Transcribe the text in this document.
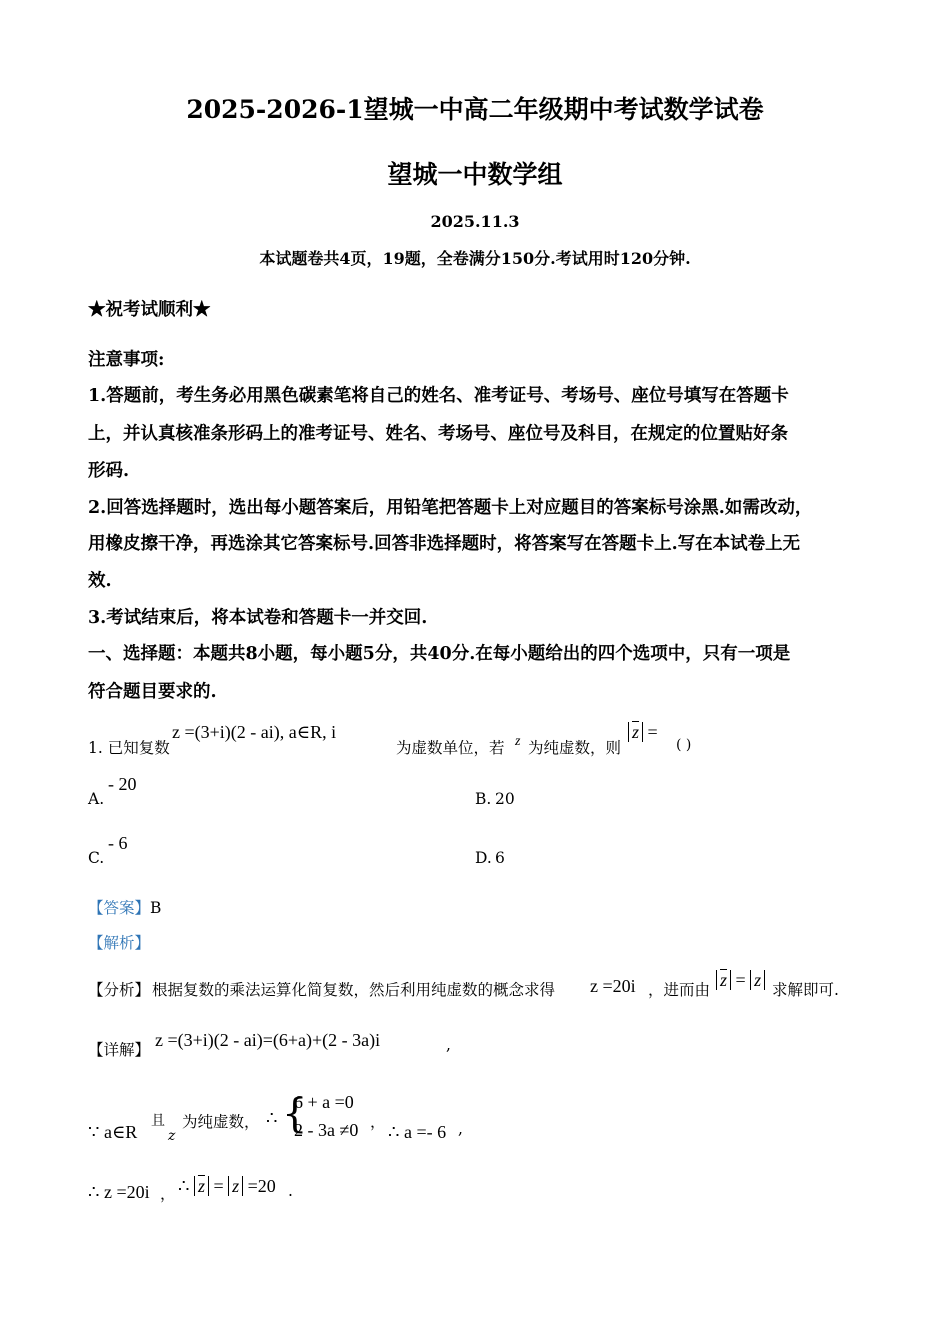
2025-2026-1望城一中高二年级期中考试数学试卷
望城一中数学组
2025.11.3
本试题卷共4页，19题，全卷满分150分.考试用时120分钟.
★祝考试顺利★
注意事项:
1.答题前，考生务必用黑色碳素笔将自己的姓名、准考证号、考场号、座位号填写在答题卡
上，并认真核准条形码上的准考证号、姓名、考场号、座位号及科目，在规定的位置贴好条
形码.
2.回答选择题时，选出每小题答案后，用铅笔把答题卡上对应题目的答案标号涂黑.如需改动，
用橡皮擦干净，再选涂其它答案标号.回答非选择题时，将答案写在答题卡上.写在本试卷上无
效.
3.考试结束后，将本试卷和答题卡一并交回.
一、选择题：本题共8小题，每小题5分，共40分.在每小题给出的四个选项中，只有一项是
符合题目要求的.
1. 已知复数
z =(3+i)(2 - ai), a∈R, i
为虚数单位，若 z 为纯虚数，则
$\overline{z}$ =
( )
A.
- 20
B. 20
C.
- 6
D. 6
【答案】B
【解析】
【分析】 根据复数的乘法运算化简复数，然后利用纯虚数的概念求得 z =20i ，进而由 $\overline{z} = z$ 求解即可.
【详解】 z =(3+i)(2 - ai)=(6+a)+(2 - 3a)i	,
∵ a∈R
且
z
为纯虚数， ∴ {
6 + a =0
2 - 3a ≠0 ， ∴ a =- 6 ,
∴ z =20i ， ∴ $\overline{z} = z =20$ .
